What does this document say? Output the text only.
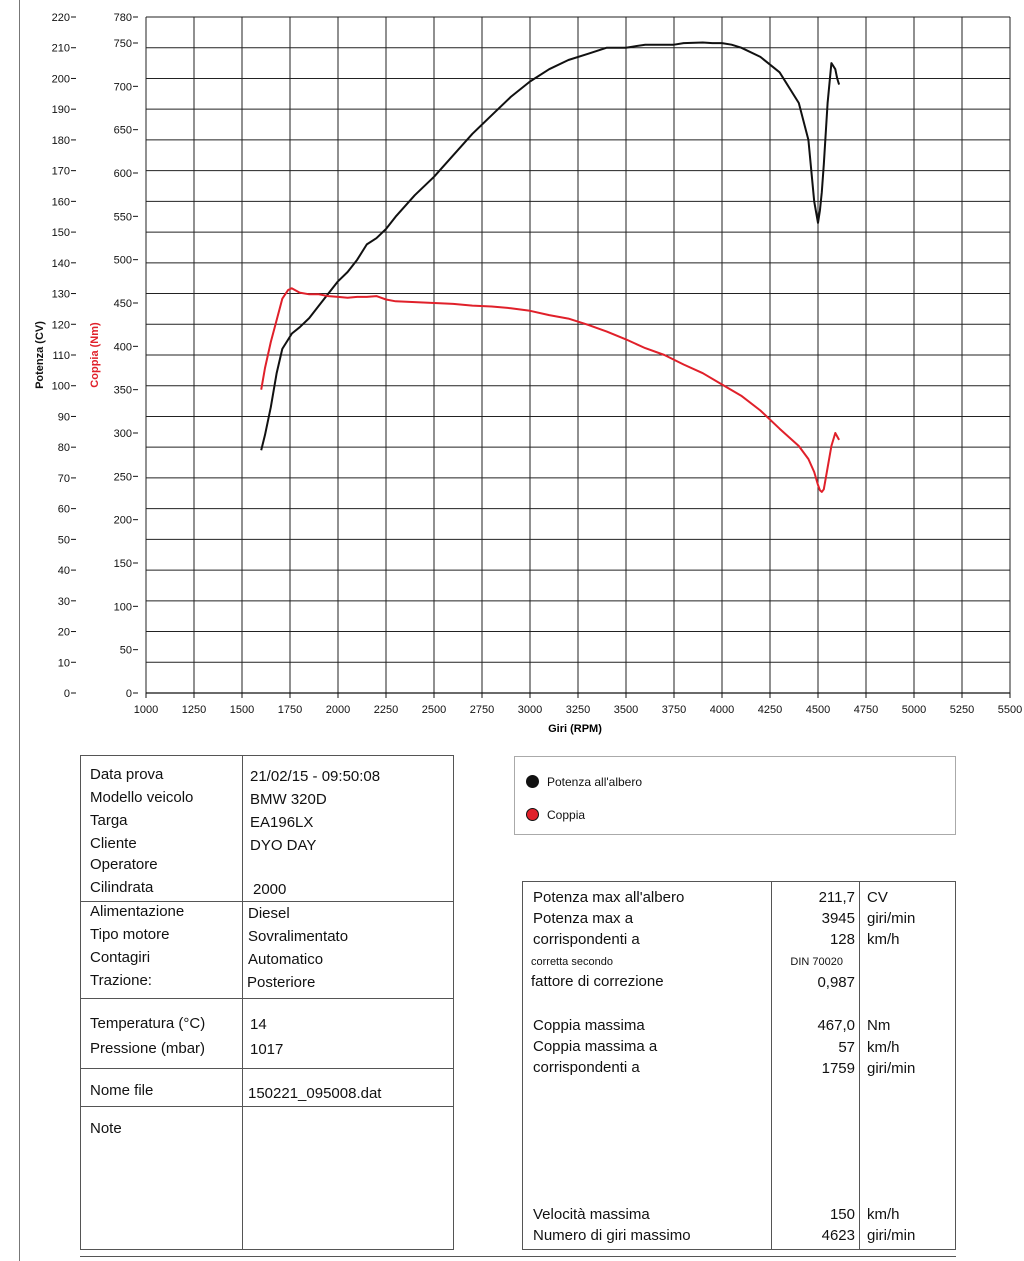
1000 1250 1500 1750 2000 2250 2500 2750 3000 3250 3500 3750 4000 4250 4500 4750 5000 5250 5500
0
10
20
30
40
50
60
70
80
90
100
110
120
130
140
150
160
170
180
190
200
210
220
0
50
100
150
200
250
300
350
400
450
500
550
600
650
700
750
780
Giri (RPM)
Potenza (CV)	Coppia (Nm)
Data prova	21/02/15 - 09:50:08
Modello veicolo	BMW 320D
Targa	EA196LX
Cliente	DYO DAY
Operatore
Cilindrata	2000
Alimentazione	Diesel
Tipo motore	Sovralimentato
Contagiri	Automatico
Trazione:	Posteriore
Temperatura (°C)	14
Pressione (mbar)	1017
Nome file	150221_095008.dat
Note
Potenza all'albero
Coppia
Potenza max all'albero	211,7 CV
Potenza max a	3945 giri/min
corrispondenti a	128 km/h
corretta secondo	DIN 70020
fattore di correzione	0,987
Coppia massima	467,0 Nm
Coppia massima a	57 km/h
corrispondenti a	1759 giri/min
Velocità massima	150 km/h
Numero di giri massimo	4623 giri/min
